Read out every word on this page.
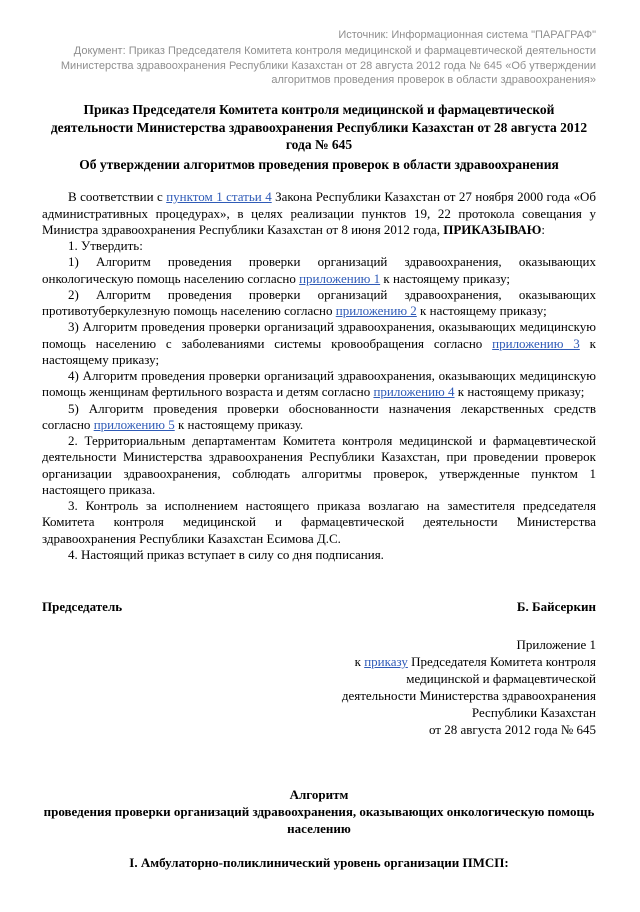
Источник: Информационная система "ПАРАГРАФ"
Документ: Приказ Председателя Комитета контроля медицинской и фармацевтической деятельности Министерства здравоохранения Республики Казахстан от 28 августа 2012 года № 645 «Об утверждении алгоритмов проведения проверок в области здравоохранения»
Приказ Председателя Комитета контроля медицинской и фармацевтической деятельности Министерства здравоохранения Республики Казахстан от 28 августа 2012 года № 645
Об утверждении алгоритмов проведения проверок в области здравоохранения

В соответствии с пунктом 1 статьи 4 Закона Республики Казахстан от 27 ноября 2000 года «Об административных процедурах», в целях реализации пунктов 19, 22 протокола совещания у Министра здравоохранения Республики Казахстан от 8 июня 2012 года, ПРИКАЗЫВАЮ:

1. Утвердить:

1) Алгоритм проведения проверки организаций здравоохранения, оказывающих онкологическую помощь населению согласно приложению 1 к настоящему приказу;

2) Алгоритм проведения проверки организаций здравоохранения, оказывающих противотуберкулезную помощь населению согласно приложению 2 к настоящему приказу;

3) Алгоритм проведения проверки организаций здравоохранения, оказывающих медицинскую помощь населению с заболеваниями системы кровообращения согласно приложению 3 к настоящему приказу;

4) Алгоритм проведения проверки организаций здравоохранения, оказывающих медицинскую помощь женщинам фертильного возраста и детям согласно приложению 4 к настоящему приказу;

5) Алгоритм проведения проверки обоснованности назначения лекарственных средств согласно приложению 5 к настоящему приказу.

2. Территориальным департаментам Комитета контроля медицинской и фармацевтической деятельности Министерства здравоохранения Республики Казахстан, при проведении проверок организации здравоохранения, соблюдать алгоритмы проверок, утвержденные пунктом 1 настоящего приказа.

3. Контроль за исполнением настоящего приказа возлагаю на заместителя председателя Комитета контроля медицинской и фармацевтической деятельности Министерства здравоохранения Республики Казахстан Есимова Д.С.

4. Настоящий приказ вступает в силу со дня подписания.

Председатель	Б. Байсеркин
Приложение 1
к приказу Председателя Комитета контроля
медицинской и фармацевтической
деятельности Министерства здравоохранения
Республики Казахстан
от 28 августа 2012 года № 645
Алгоритм
проведения проверки организаций здравоохранения, оказывающих онкологическую помощь населению
I. Амбулаторно-поликлинический уровень организации ПМСП:
